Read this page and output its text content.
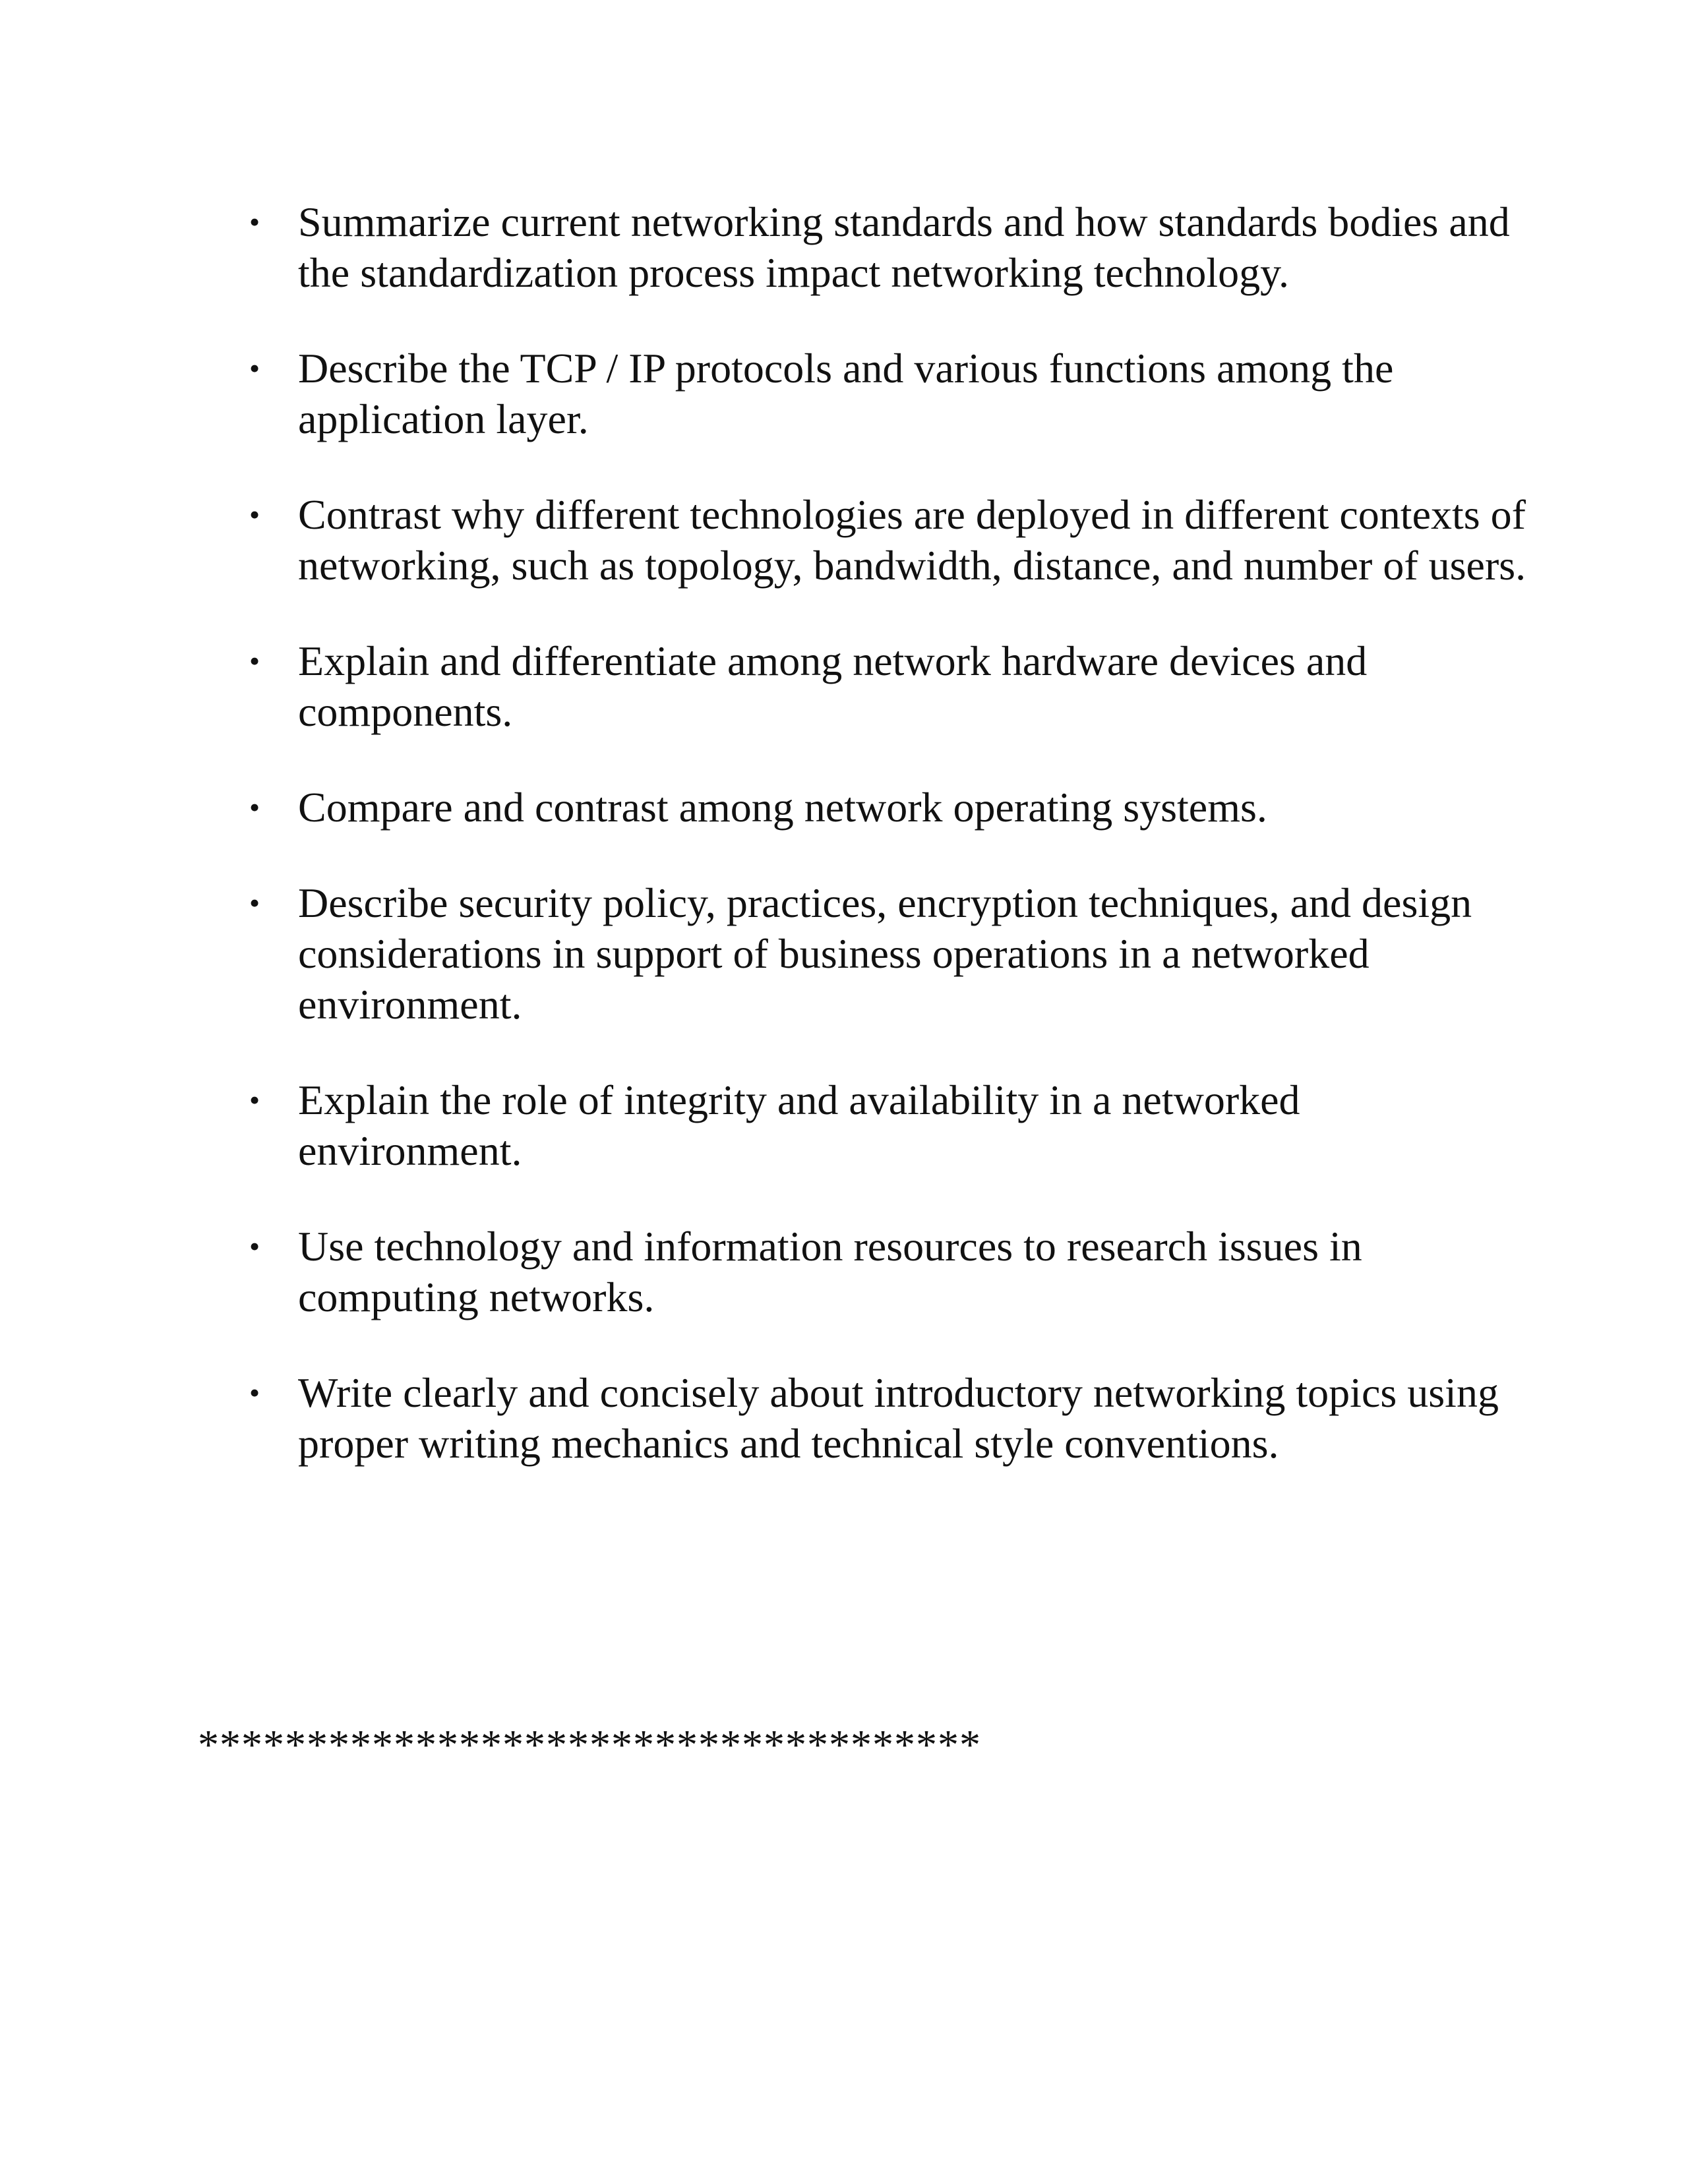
• Summarize current networking standards and how standards bodies and the standardization process impact networking technology.
• Describe the TCP / IP protocols and various functions among the application layer.
• Contrast why different technologies are deployed in different contexts of networking, such as topology, bandwidth, distance, and number of users.
• Explain and differentiate among network hardware devices and components.
• Compare and contrast among network operating systems.
• Describe security policy, practices, encryption techniques, and design considerations in support of business operations in a networked environment.
• Explain the role of integrity and availability in a networked environment.
• Use technology and information resources to research issues in computing networks.
• Write clearly and concisely about introductory networking topics using proper writing mechanics and technical style conventions.
************************************
